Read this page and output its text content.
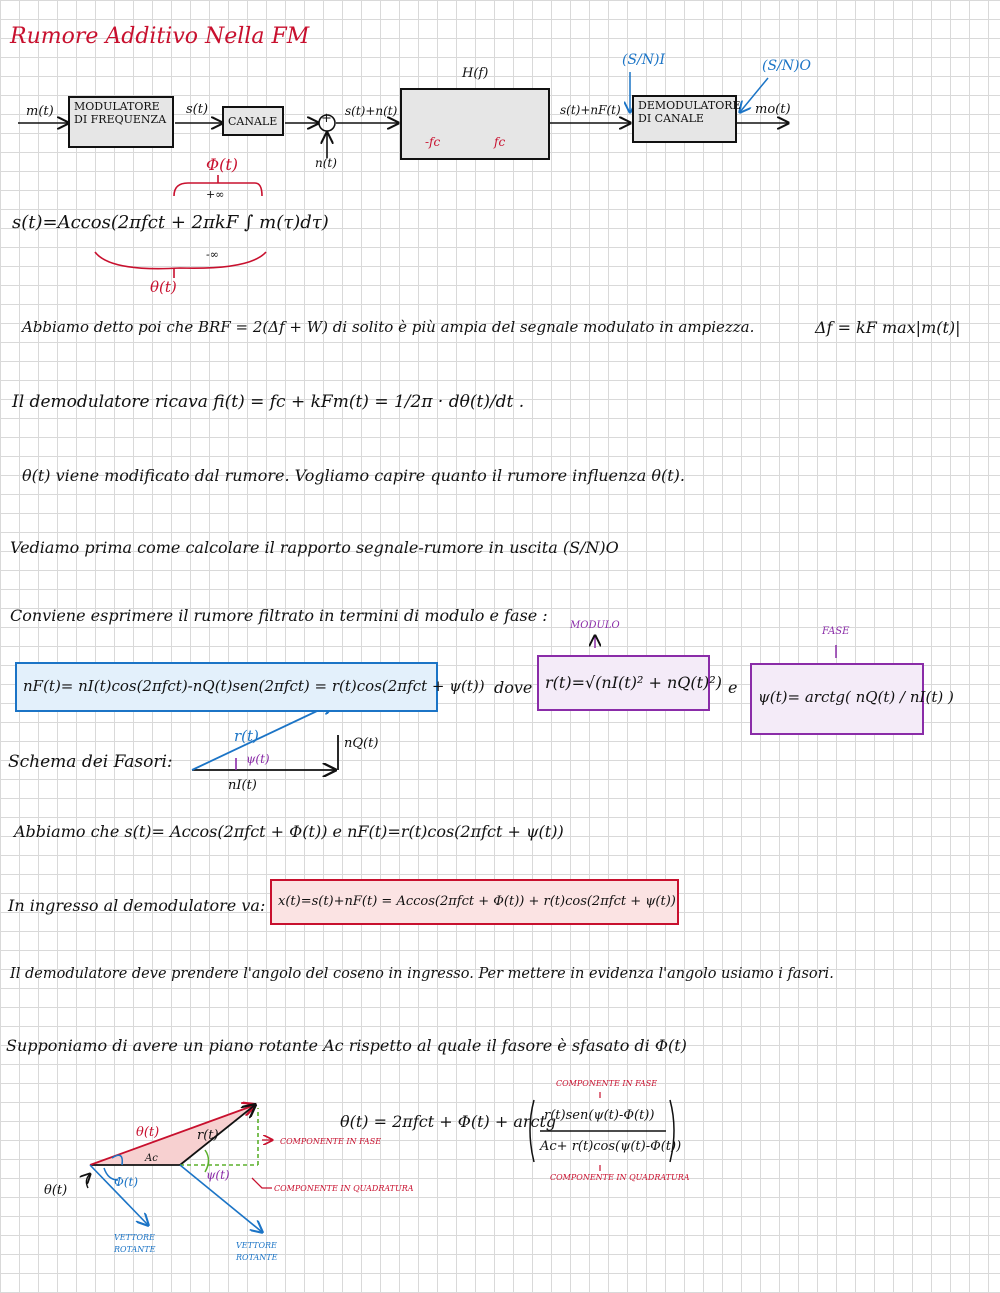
Rumore Additivo Nella FM
m(t)	MODULATORE DI FREQUENZA
s(t)
CANALE	+
n(t)
s(t)+n(t)
H(f)
-fc	fc
s(t)+nF(t)	DEMODULATORE DI CANALE
mo(t)
(S/N)I	(S/N)O
Φ(t)
+∞
-∞
s(t)=Accos(2πfct + 2πkF ∫ m(τ)dτ)
θ(t)
Abbiamo detto poi che BRF = 2(Δf + W) di solito è più ampia del segnale modulato in ampiezza.	Δf = kF max|m(t)|
Il demodulatore ricava fi(t) = fc + kFm(t) = 1/2π · dθ(t)/dt .
θ(t) viene modificato dal rumore. Vogliamo capire quanto il rumore influenza θ(t).
Vediamo prima come calcolare il rapporto segnale-rumore in uscita (S/N)O
Conviene esprimere il rumore filtrato in termini di modulo e fase :
MODULO
FASE
nF(t)= nI(t)cos(2πfct)-nQ(t)sen(2πfct) = r(t)cos(2πfct + ψ(t)) dove r(t)=√(nI(t)² + nQ(t)²) e	ψ(t)= arctg( nQ(t) / nI(t) )
Schema dei Fasori:
r(t)
ψ(t)
nQ(t)
nI(t)
Abbiamo che s(t)= Accos(2πfct + Φ(t)) e nF(t)=r(t)cos(2πfct + ψ(t))
In ingresso al demodulatore va: x(t)=s(t)+nF(t) = Accos(2πfct + Φ(t)) + r(t)cos(2πfct + ψ(t))
Il demodulatore deve prendere l'angolo del coseno in ingresso. Per mettere in evidenza l'angolo usiamo i fasori.
Supponiamo di avere un piano rotante Ac rispetto al quale il fasore è sfasato di Φ(t)
θ(t) = 2πfct + Φ(t) + arctg
r(t)sen(ψ(t)-Φ(t))
Ac+ r(t)cos(ψ(t)-Φ(t))
COMPONENTE IN FASE
COMPONENTE IN QUADRATURA
θ(t)	r(t)
Ac
Φ(t)	ψ(t)
θ(t)
COMPONENTE IN FASE
COMPONENTE IN QUADRATURA
VETTORE ROTANTE	VETTORE ROTANTE
